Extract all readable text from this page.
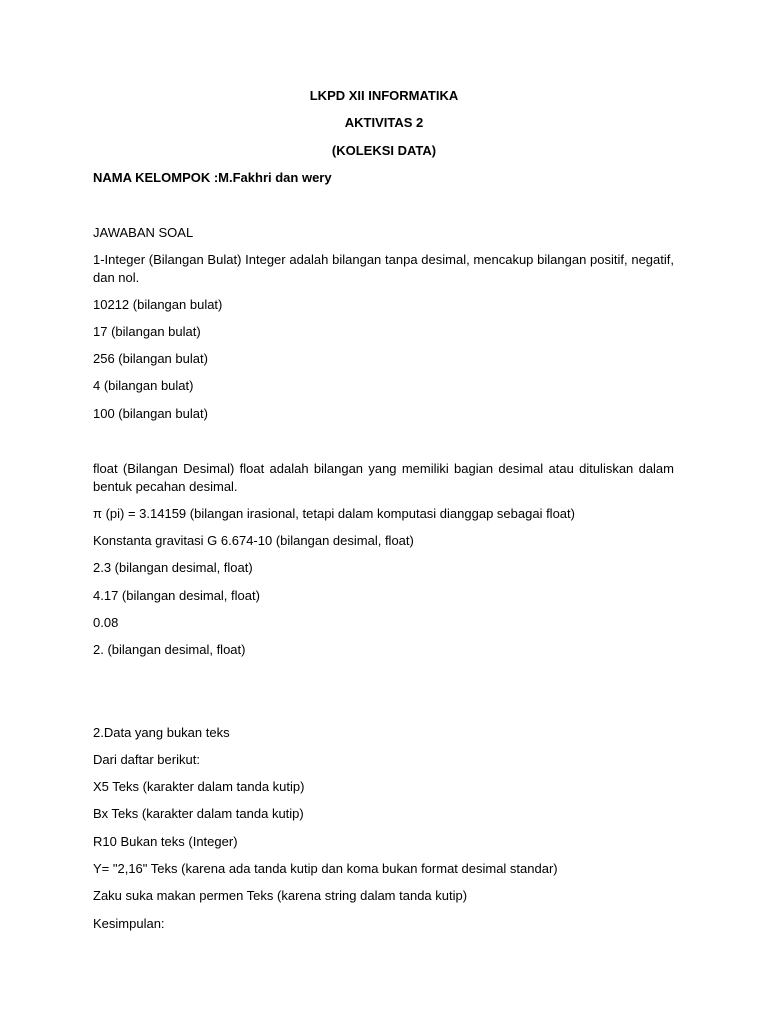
LKPD XII INFORMATIKA

AKTIVITAS 2

(KOLEKSI DATA)

NAMA KELOMPOK :M.Fakhri dan wery

JAWABAN SOAL

1-Integer (Bilangan Bulat) Integer adalah bilangan tanpa desimal, mencakup bilangan positif, negatif, dan nol.

10212 (bilangan bulat)

17 (bilangan bulat)

256 (bilangan bulat)

4 (bilangan bulat)

100 (bilangan bulat)

float (Bilangan Desimal) float adalah bilangan yang memiliki bagian desimal atau dituliskan dalam bentuk pecahan desimal.

π (pi) = 3.14159 (bilangan irasional, tetapi dalam komputasi dianggap sebagai float)

Konstanta gravitasi G 6.674-10 (bilangan desimal, float)

2.3 (bilangan desimal, float)

4.17 (bilangan desimal, float)

0.08

2. (bilangan desimal, float)

2.Data yang bukan teks

Dari daftar berikut:

X5 Teks (karakter dalam tanda kutip)

Bx Teks (karakter dalam tanda kutip)

R10 Bukan teks (Integer)

Y= "2,16" Teks (karena ada tanda kutip dan koma bukan format desimal standar)

Zaku suka makan permen Teks (karena string dalam tanda kutip)

Kesimpulan:
